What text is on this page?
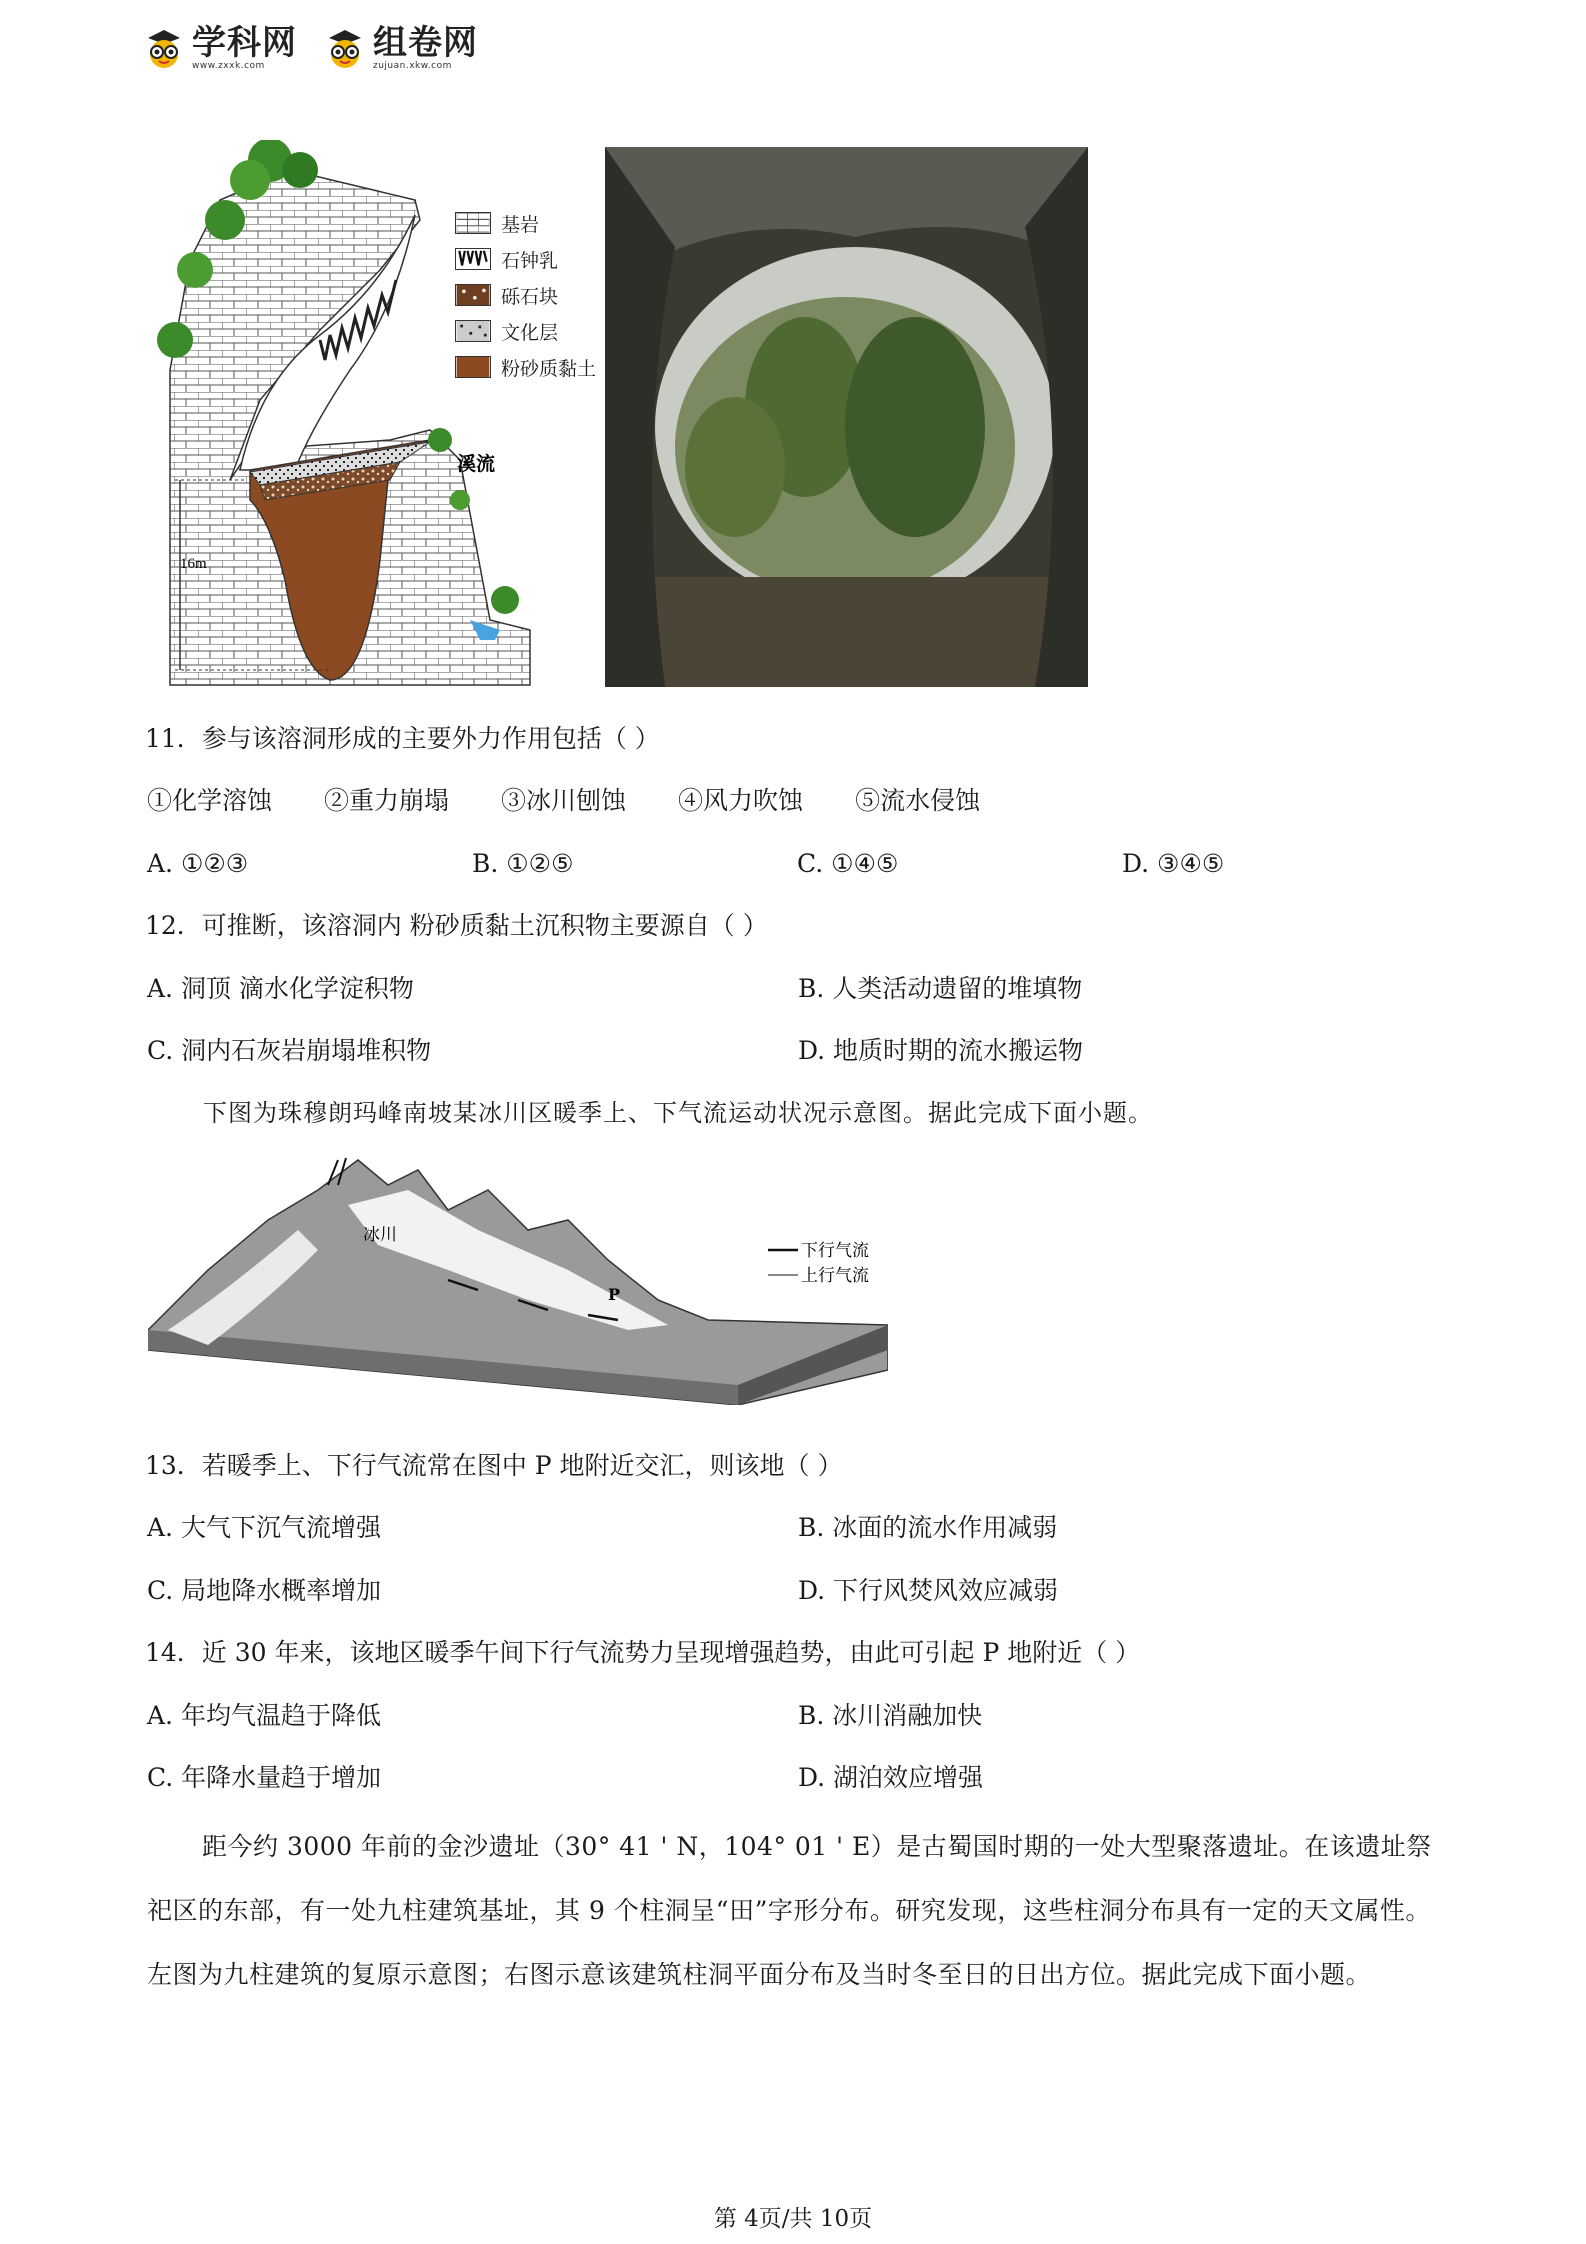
学科网
www.zxxk.com
组卷网
zujuan.xkw.com
16m
溪流
基岩
石钟乳
砾石块
文化层
粉砂质黏土
11．参与该溶洞形成的主要外力作用包括（ ）
①化学溶蚀 ②重力崩塌 ③冰川刨蚀 ④风力吹蚀 ⑤流水侵蚀
A. ①②③	B. ①②⑤	C. ①④⑤	D. ③④⑤
12．可推断，该溶洞内 粉砂质黏土沉积物主要源自（ ）
A. 洞顶 滴水化学淀积物	B. 人类活动遗留的堆填物
C. 洞内石灰岩崩塌堆积物	D. 地质时期的流水搬运物
下图为珠穆朗玛峰南坡某冰川区暖季上、下气流运动状况示意图。据此完成下面小题。
冰川
P
下行气流
上行气流
13．若暖季上、下行气流常在图中 P 地附近交汇，则该地（ ）
A. 大气下沉气流增强	B. 冰面的流水作用减弱
C. 局地降水概率增加	D. 下行风焚风效应减弱
14．近 30 年来，该地区暖季午间下行气流势力呈现增强趋势，由此可引起 P 地附近（ ）
A. 年均气温趋于降低	B. 冰川消融加快
C. 年降水量趋于增加	D. 湖泊效应增强
距今约 3000 年前的金沙遗址（30° 41 ' N，104° 01 ' E）是古蜀国时期的一处大型聚落遗址。在该遗址祭祀区的东部，有一处九柱建筑基址，其 9 个柱洞呈“田”字形分布。研究发现，这些柱洞分布具有一定的天文属性。左图为九柱建筑的复原示意图；右图示意该建筑柱洞平面分布及当时冬至日的日出方位。据此完成下面小题。
第 4页/共 10页
